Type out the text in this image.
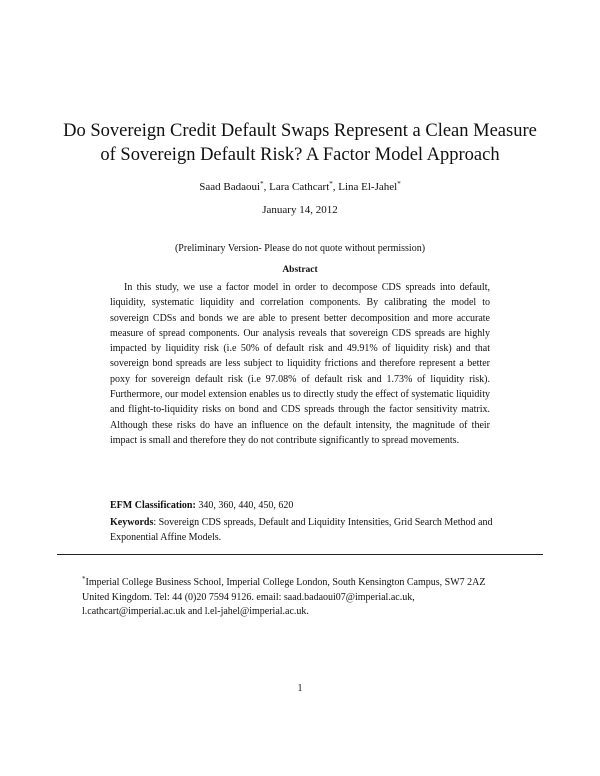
Do Sovereign Credit Default Swaps Represent a Clean Measure
of Sovereign Default Risk? A Factor Model Approach
Saad Badaoui*, Lara Cathcart*, Lina El-Jahel*
January 14, 2012
(Preliminary Version- Please do not quote without permission)
Abstract

In this study, we use a factor model in order to decompose CDS spreads into default, liquidity, systematic liquidity and correlation components. By calibrating the model to sovereign CDSs and bonds we are able to present better decomposition and more accurate measure of spread components. Our analysis reveals that sovereign CDS spreads are highly impacted by liquidity risk (i.e 50% of default risk and 49.91% of liquidity risk) and that sovereign bond spreads are less subject to liquidity frictions and therefore represent a better poxy for sovereign default risk (i.e 97.08% of default risk and 1.73% of liquidity risk). Furthermore, our model extension enables us to directly study the effect of systematic liquidity and flight-to-liquidity risks on bond and CDS spreads through the factor sensitivity matrix. Although these risks do have an influence on the default intensity, the magnitude of their impact is small and therefore they do not contribute significantly to spread movements.

EFM Classification: 340, 360, 440, 450, 620
Keywords: Sovereign CDS spreads, Default and Liquidity Intensities, Grid Search Method and Exponential Affine Models.
*Imperial College Business School, Imperial College London, South Kensington Campus, SW7 2AZ
United Kingdom. Tel: 44 (0)20 7594 9126. email: saad.badaoui07@imperial.ac.uk,
l.cathcart@imperial.ac.uk and l.el-jahel@imperial.ac.uk.
1
